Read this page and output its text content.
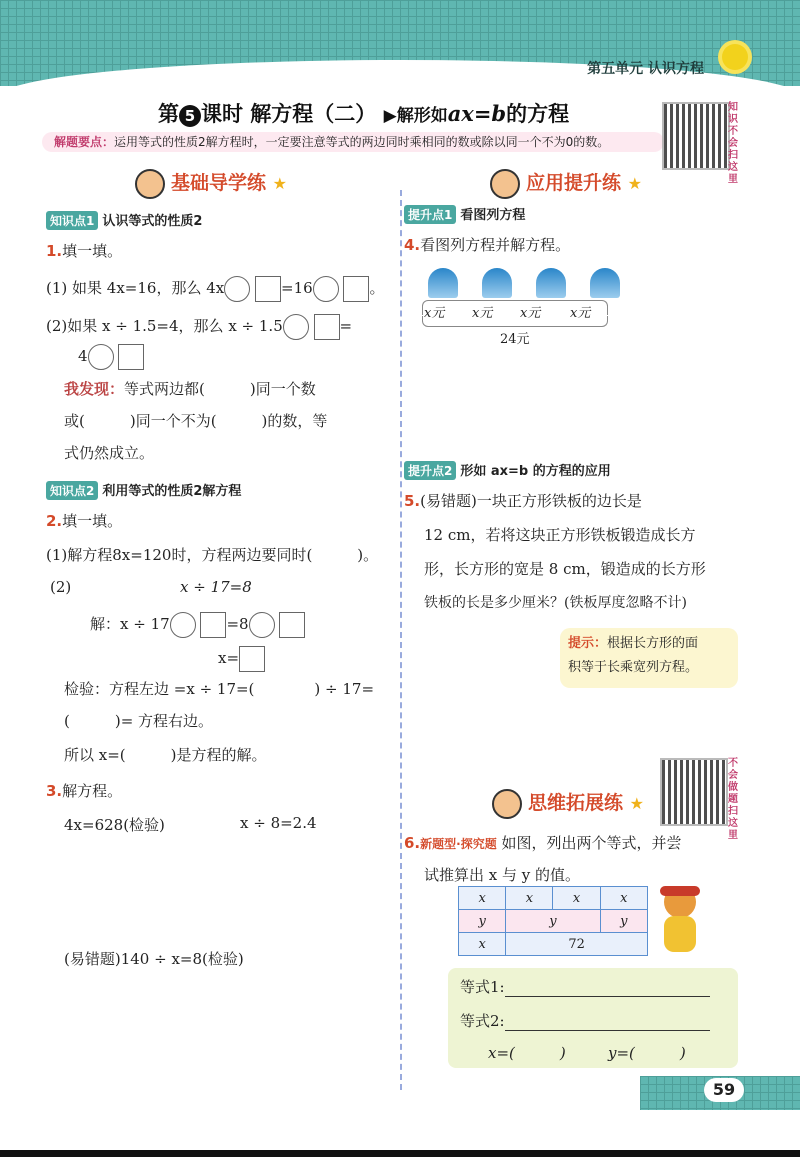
第五单元 认识方程
第 5 课时 解方程（二） ▶解形如ax=b的方程
解题要点：运用等式的性质2解方程时，一定要注意等式的两边同时乘相同的数或除以同一个不为0的数。
知识不会扫这里
基础导学练 ★
知识点1 认识等式的性质2
1.填一填。
(1) 如果 4x=16，那么 4x	=16	。
(2)如果 x ÷ 1.5=4，那么 x ÷ 1.5	=
4
我发现：等式两边都(　　　)同一个数
或(　　　)同一个不为(　　　)的数，等
式仍然成立。
知识点2 利用等式的性质2解方程
2.填一填。
(1)解方程8x=120时，方程两边要同时(　　　)。
(2)	x ÷ 17=8
解：x ÷ 17	=8
x=
检验：方程左边 =x ÷ 17=(　　　　) ÷ 17=
(　　　)= 方程右边。
所以 x=(　　　)是方程的解。
3.解方程。
4x=628(检验)	x ÷ 8=2.4
(易错题)140 ÷ x=8(检验)
应用提升练 ★
提升点1 看图列方程
4.看图列方程并解方程。
x元 x元 x元 x元
24元
提升点2 形如 ax=b 的方程的应用
5.(易错题)一块正方形铁板的边长是
12 cm，若将这块正方形铁板锻造成长方
形，长方形的宽是 8 cm，锻造成的长方形
铁板的长是多少厘米？(铁板厚度忽略不计)
提示：根据长方形的面
积等于长乘宽列方程。
不会做题扫这里
思维拓展练 ★
6.新题型·探究题 如图，列出两个等式，并尝
试推算出 x 与 y 的值。
x	x	x	x
y	y		y
x	72		
等式1:
等式2:
x=(　　　)	y=(　　　)
59
